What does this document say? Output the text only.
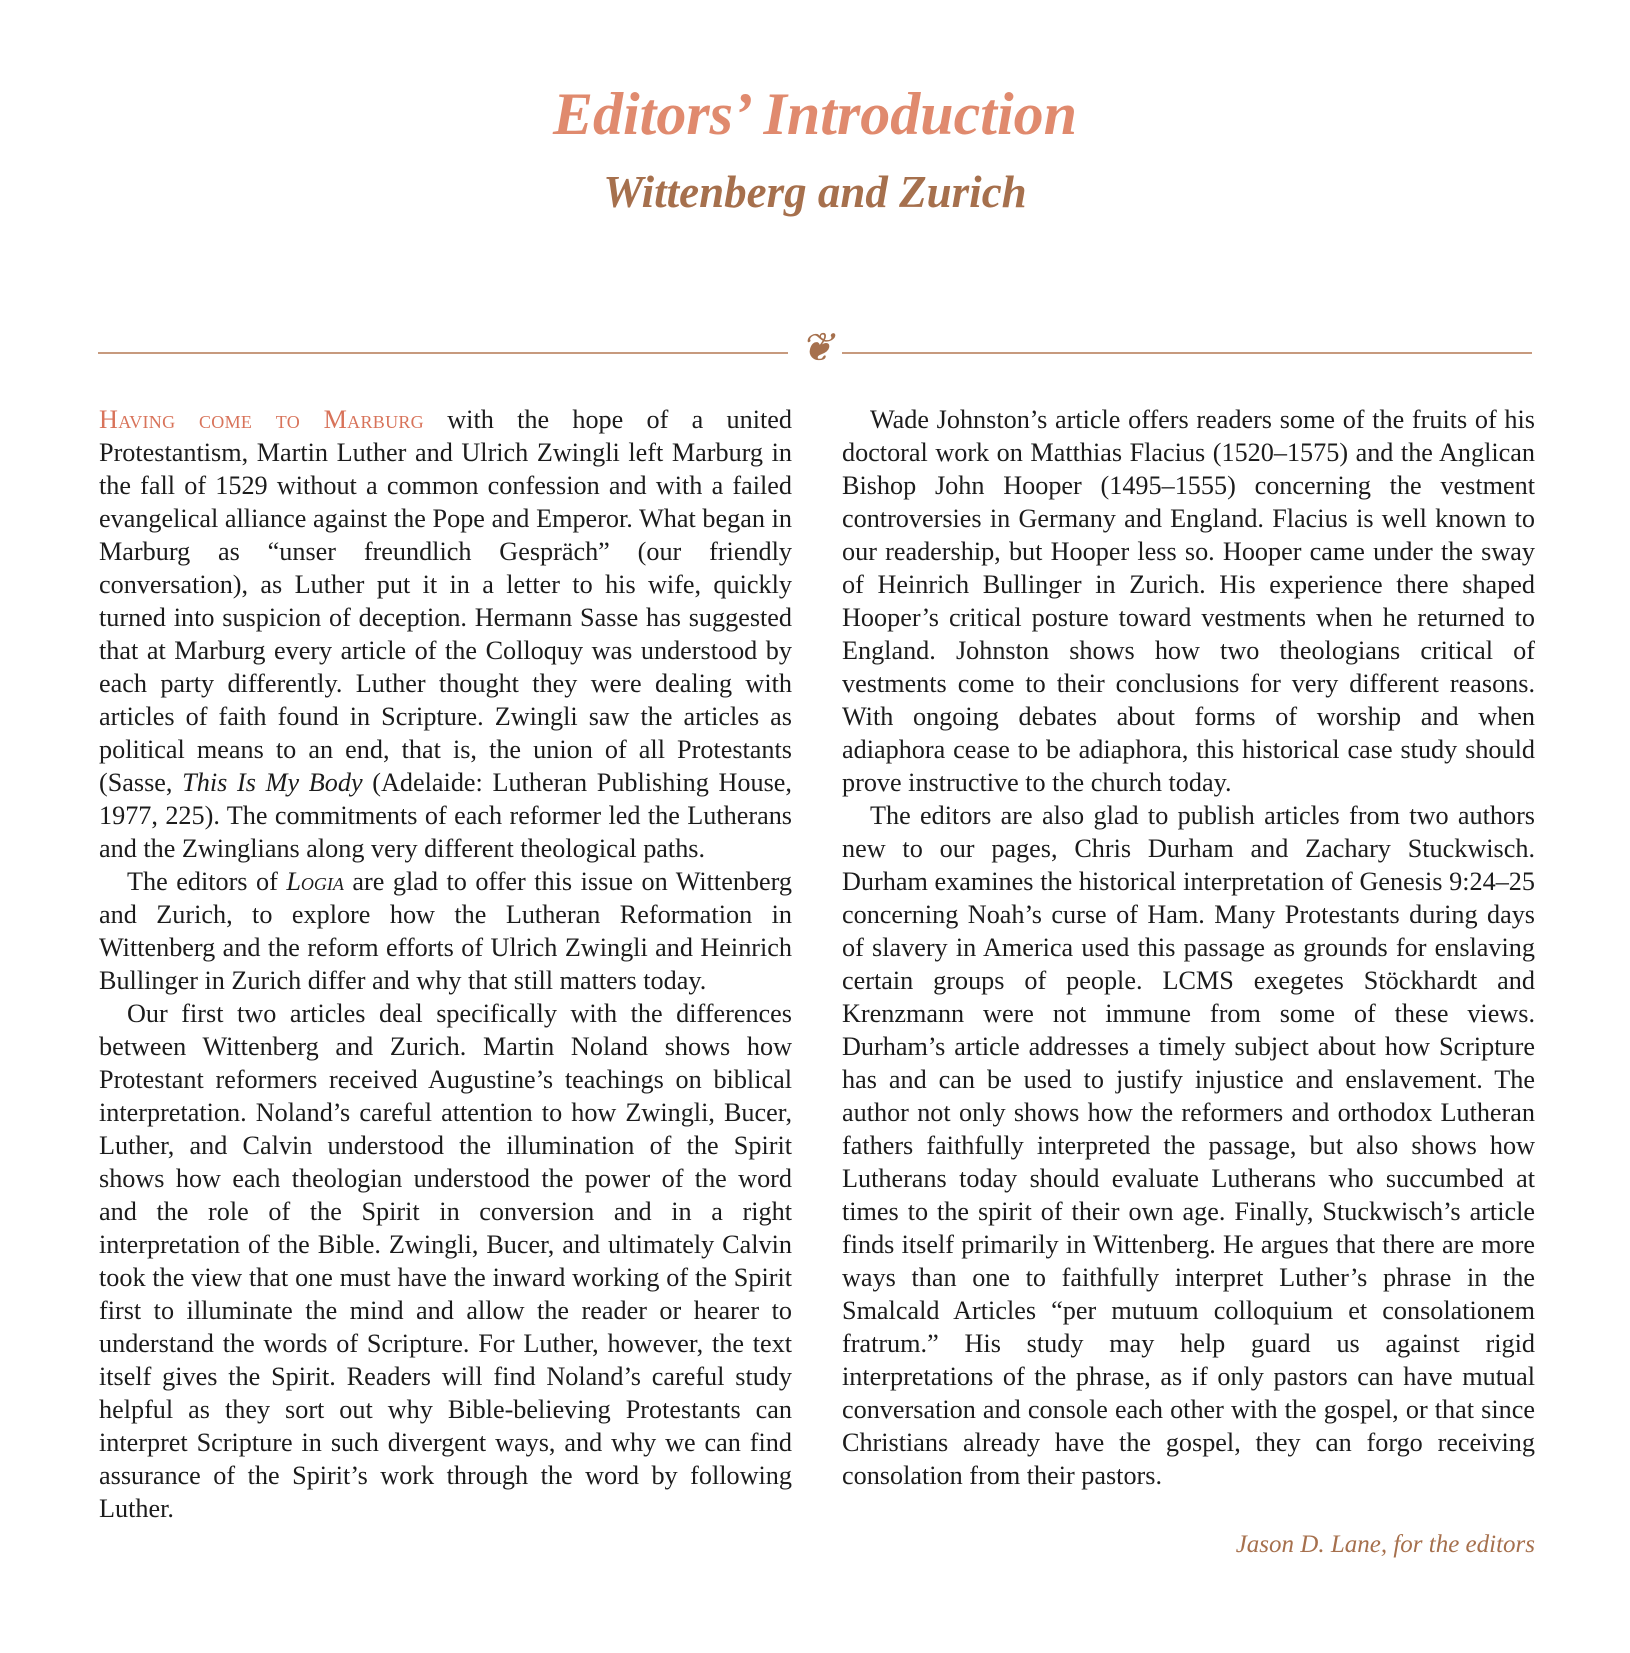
Editors’ Introduction
Wittenberg and Zurich
❦

Having come to Marburg with the hope of a united Protestantism, Martin Luther and Ulrich Zwingli left Marburg in the fall of 1529 without a common confession and with a failed evangelical alliance against the Pope and Emperor. What began in Marburg as “unser freundlich Gespräch” (our friendly conversation), as Luther put it in a letter to his wife, quickly turned into suspicion of deception. Hermann Sasse has suggested that at Marburg every article of the Colloquy was understood by each party differently. Luther thought they were dealing with articles of faith found in Scripture. Zwingli saw the articles as political means to an end, that is, the union of all Protestants (Sasse, This Is My Body (Adelaide: Lutheran Publishing House, 1977, 225). The commitments of each reformer led the Lutherans and the Zwinglians along very different theological paths.

The editors of Logia are glad to offer this issue on Wittenberg and Zurich, to explore how the Lutheran Reformation in Wittenberg and the reform efforts of Ulrich Zwingli and Heinrich Bullinger in Zurich differ and why that still matters today.

Our first two articles deal specifically with the differences between Wittenberg and Zurich. Martin Noland shows how Protestant reformers received Augustine’s teachings on biblical interpretation. Noland’s careful attention to how Zwingli, Bucer, Luther, and Calvin understood the illumination of the Spirit shows how each theologian understood the power of the word and the role of the Spirit in conversion and in a right interpretation of the Bible. Zwingli, Bucer, and ultimately Calvin took the view that one must have the inward working of the Spirit first to illuminate the mind and allow the reader or hearer to understand the words of Scripture. For Luther, however, the text itself gives the Spirit. Readers will find Noland’s careful study helpful as they sort out why Bible-believing Protestants can interpret Scripture in such divergent ways, and why we can find assurance of the Spirit’s work through the word by following Luther.

Wade Johnston’s article offers readers some of the fruits of his doctoral work on Matthias Flacius (1520–1575) and the Anglican Bishop John Hooper (1495–1555) concerning the vestment controversies in Germany and England. Flacius is well known to our readership, but Hooper less so. Hooper came under the sway of Heinrich Bullinger in Zurich. His experience there shaped Hooper’s critical posture toward vestments when he returned to England. Johnston shows how two theologians critical of vestments come to their conclusions for very different reasons. With ongoing debates about forms of worship and when adiaphora cease to be adiaphora, this historical case study should prove instructive to the church today.

The editors are also glad to publish articles from two authors new to our pages, Chris Durham and Zachary Stuckwisch. Durham examines the historical interpretation of Genesis 9:24–25 concerning Noah’s curse of Ham. Many Protestants during days of slavery in America used this passage as grounds for enslaving certain groups of people. LCMS exegetes Stöckhardt and Krenzmann were not immune from some of these views. Durham’s article addresses a timely subject about how Scripture has and can be used to justify injustice and enslavement. The author not only shows how the reformers and orthodox Lutheran fathers faithfully interpreted the passage, but also shows how Lutherans today should evaluate Lutherans who succumbed at times to the spirit of their own age. Finally, Stuckwisch’s article finds itself primarily in Wittenberg. He argues that there are more ways than one to faithfully interpret Luther’s phrase in the Smalcald Articles “per mutuum colloquium et consolationem fratrum.” His study may help guard us against rigid interpretations of the phrase, as if only pastors can have mutual conversation and console each other with the gospel, or that since Christians already have the gospel, they can forgo receiving consolation from their pastors.

Jason D. Lane, for the editors
